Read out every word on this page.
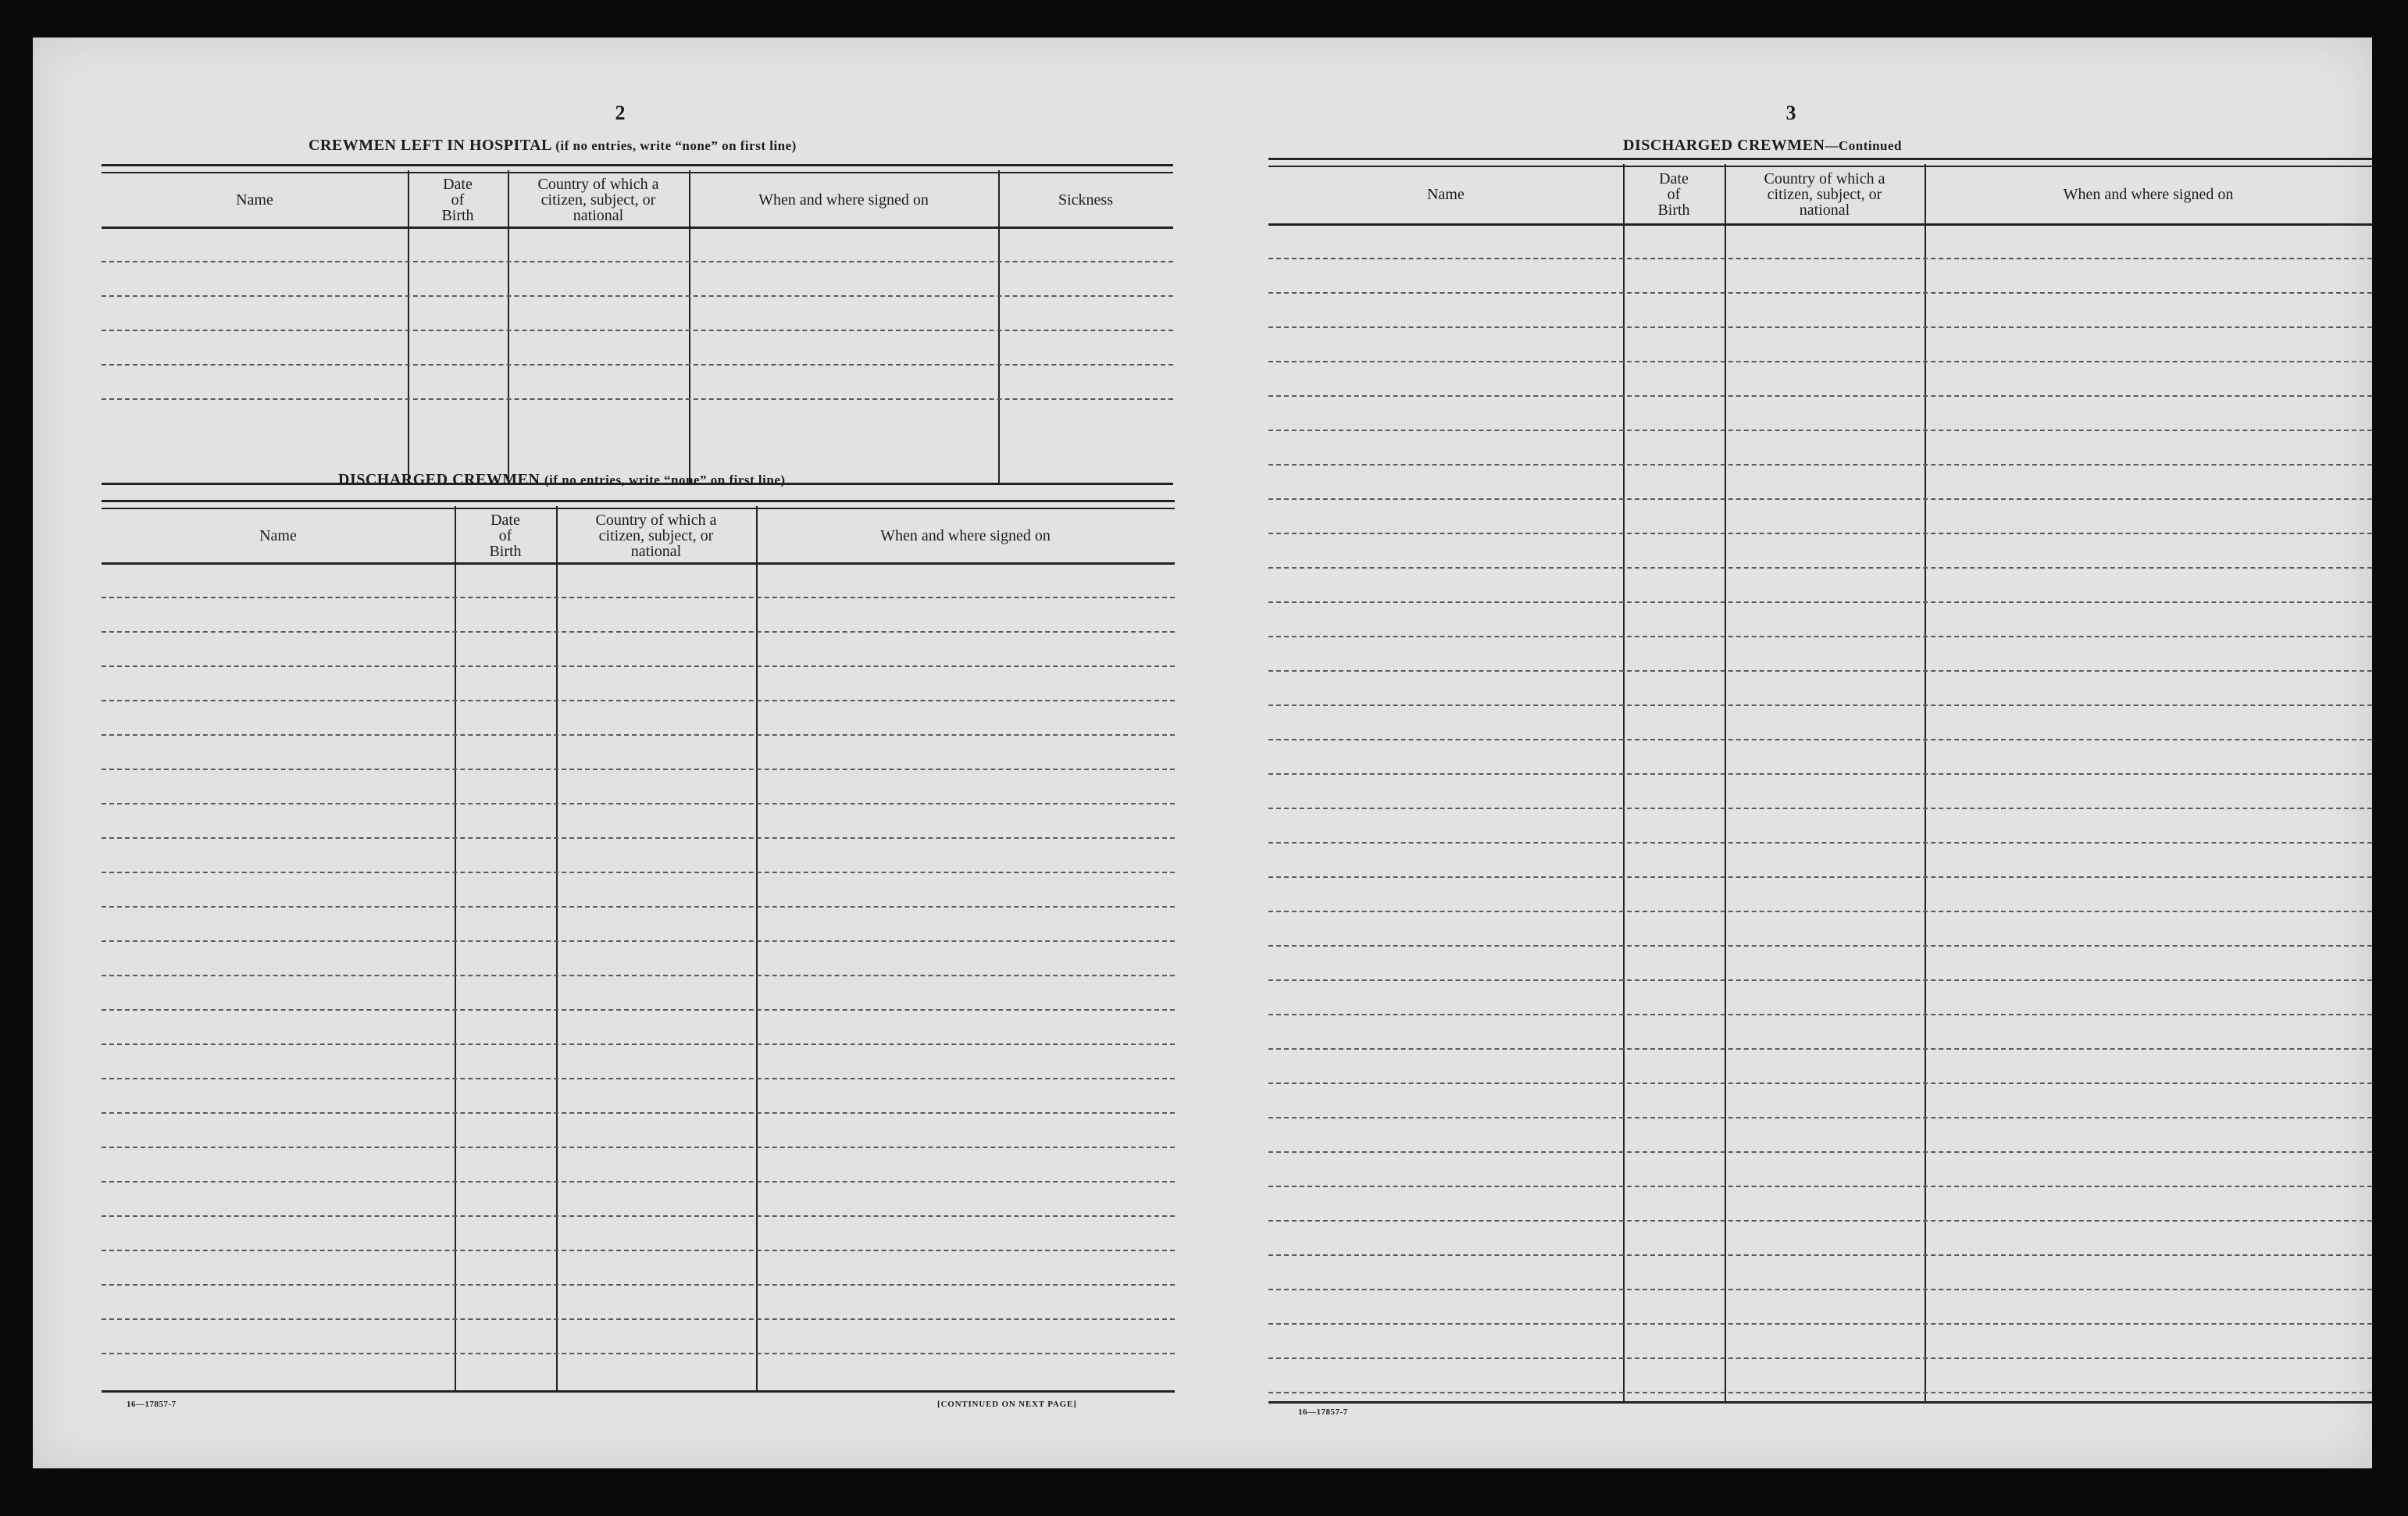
2
CREWMEN LEFT IN HOSPITAL (if no entries, write “none” on first line)
Name
Date
of
Birth
Country of which a
citizen, subject, or
national
When and where signed on	Sickness
DISCHARGED CREWMEN (if no entries, write “none” on first line)
Name
Date
of
Birth
Country of which a
citizen, subject, or
national
When and where signed on
16—17857-7	[CONTINUED ON NEXT PAGE]
3
DISCHARGED CREWMEN—Continued
Name
Date
of
Birth
Country of which a
citizen, subject, or
national
When and where signed on
16—17857-7
